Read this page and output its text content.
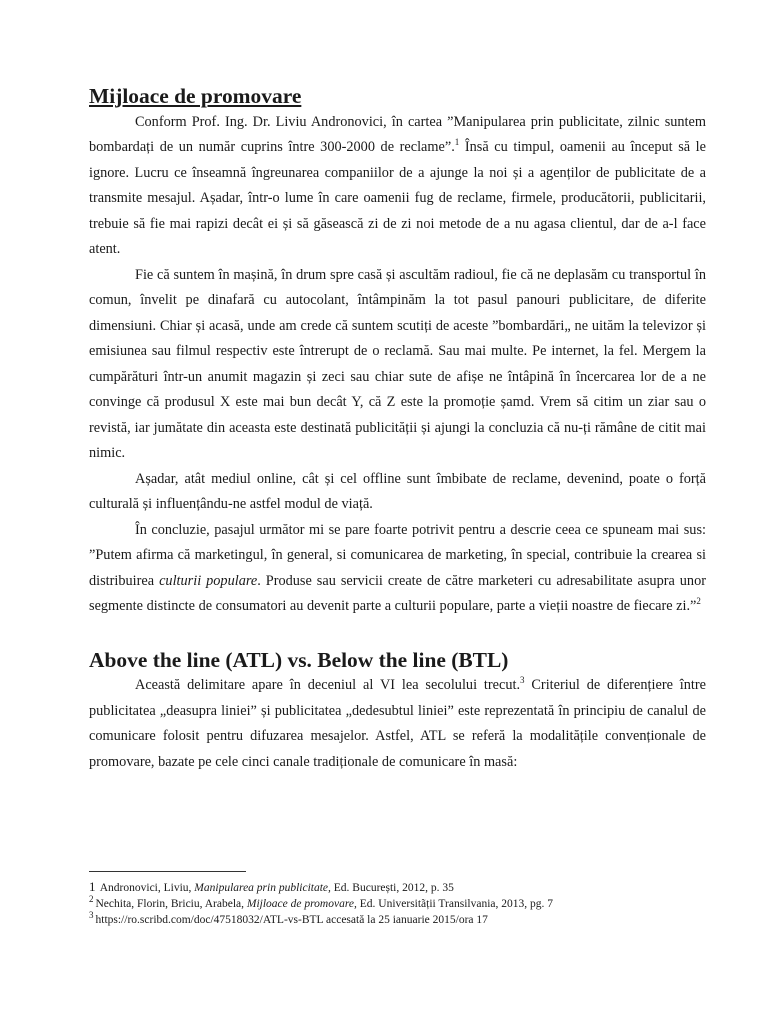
Mijloace de promovare

Conform Prof. Ing. Dr. Liviu Andronovici, în cartea ”Manipularea prin publicitate, zilnic suntem bombardați de un număr cuprins între 300-2000 de reclame”.$^1$ Însă cu timpul, oamenii au început să le ignore. Lucru ce înseamnă îngreunarea companiilor de a ajunge la noi și a agenților de publicitate de a transmite mesajul. Așadar, într-o lume în care oamenii fug de reclame, firmele, producătorii, publicitarii, trebuie să fie mai rapizi decât ei și să găsească zi de zi noi metode de a nu agasa clientul, dar de a-l face atent.

Fie că suntem în mașină, în drum spre casă și ascultăm radioul, fie că ne deplasăm cu transportul în comun, învelit pe dinafară cu autocolant, întâmpinăm la tot pasul panouri publicitare, de diferite dimensiuni. Chiar și acasă, unde am crede că suntem scutiți de aceste ”bombardări„ ne uităm la televizor și emisiunea sau filmul respectiv este întrerupt de o reclamă. Sau mai multe. Pe internet, la fel. Mergem la cumpărături într-un anumit magazin și zeci sau chiar sute de afișe ne întâpină în încercarea lor de a ne convinge că produsul X este mai bun decât Y, că Z este la promoție șamd. Vrem să citim un ziar sau o revistă, iar jumătate din aceasta este destinată publicității și ajungi la concluzia că nu-ți rămâne de citit mai nimic.

Așadar, atât mediul online, cât și cel offline sunt îmbibate de reclame, devenind, poate o forță culturală și influențându-ne astfel modul de viață.

În concluzie, pasajul următor mi se pare foarte potrivit pentru a descrie ceea ce spuneam mai sus: ”Putem afirma că marketingul, în general, si comunicarea de marketing, în special, contribuie la crearea si distribuirea culturii populare. Produse sau servicii create de către marketeri cu adresabilitate asupra unor segmente distincte de consumatori au devenit parte a culturii populare, parte a vieții noastre de fiecare zi.”$^2$

Above the line (ATL) vs. Below the line (BTL)

Această delimitare apare în deceniul al VI lea secolului trecut.$^3$ Criteriul de diferențiere între publicitatea „deasupra liniei” și publicitatea „dedesubtul liniei” este reprezentată în principiu de canalul de comunicare folosit pentru difuzarea mesajelor. Astfel, ATL se referă la modalitățile convenționale de promovare, bazate pe cele cinci canale tradiționale de comunicare în masă:

1 Andronovici, Liviu, Manipularea prin publicitate, Ed. București, 2012, p. 35

$^2$ Nechita, Florin, Briciu, Arabela, Mijloace de promovare, Ed. Universitãții Transilvania, 2013, pg. 7

$^3$ https://ro.scribd.com/doc/47518032/ATL-vs-BTL accesată la 25 ianuarie 2015/ora 17
